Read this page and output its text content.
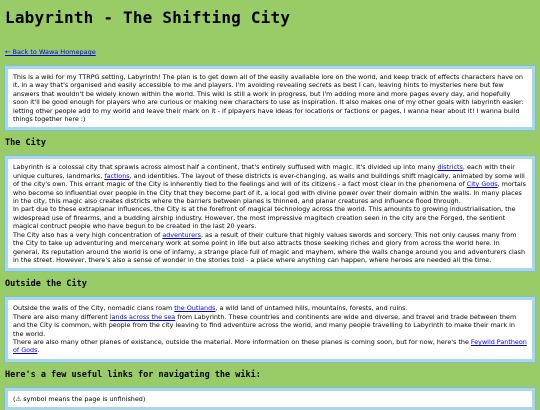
Labyrinth - The Shifting City
← Back to Wawa Homepage

This is a wiki for my TTRPG setting, Labyrinth! The plan is to get down all of the easily available lore on the world, and keep track of effects characters have on it, in a way that's organised and easily accessible to me and players. I'm avoiding revealing secrets as best I can, leaving hints to mysteries here but few answers that wouldn't be widely known within the world. This wiki is still a work in progress, but I'm adding more and more pages every day, and hopefully soon it'll be good enough for players who are curious or making new characters to use as inspiration. It also makes one of my other goals with labyrinth easier: letting other people add to my world and leave their mark on it - if plpayers have ideas for locations or factions or pages, I wanna hear about it! I wanna build things together here :)

The City

Labyrinth is a colossal city that sprawls across almost half a continent, that's entirely suffused with magic. It's divided up into many districts, each with their unique cultures, landmarks, factions, and identities. The layout of these districts is ever-changing, as walls and buildings shift magically, animated by some will of the city's own. This errant magic of the City is inherently tied to the feelings and will of its citizens - a fact most clear in the phenomena of City Gods, mortals who become so influential over people in the City that they become part of it, a local god with divine power over their domain within the walls. In many places in the city, this magic also creates districts where the barriers between planes is thinned, and planar creatures and influence flood through.

In part due to these extraplanar influences, the City is at the forefront of magical technology across the world. This amounts to growing industrialisation, the widespread use of firearms, and a budding airship industry. However, the most impressive magitech creation seen in the city are the Forged, the sentient magical contruct people who have begun to be created in the last 20 years.

The City also has a very high concentration of adventurers, as a result of their culture that highly values swords and sorcery. This not only causes many from the City to take up adventuring and mercenary work at some point in life but also attracts those seeking riches and glory from across the world here. In general, its reputation around the world is one of infamy, a strange place full of magic and mayhem, where the walls change around you and adventurers clash in the street. However, there's also a sense of wonder in the stories told - a place where anything can happen, where heroes are needed all the time.

Outside the City

Outside the walls of the City, nomadic clans roam the Outlands, a wild land of untamed hills, mountains, forests, and ruins.

There are also many different lands across the sea from Labyrinth. These countries and continents are wide and diverse, and travel and trade between them and the City is common, with people from the city leaving to find adventure across the world, and many people travelling to Labyrinth to make their mark in the world.

There are also many other planes of existance, outside the material. More information on these planes is coming soon, but for now, here's the Feywild Pantheon of Gods.

Here's a few useful links for navigating the wiki:

(⚠ symbol means the page is unfinished)
